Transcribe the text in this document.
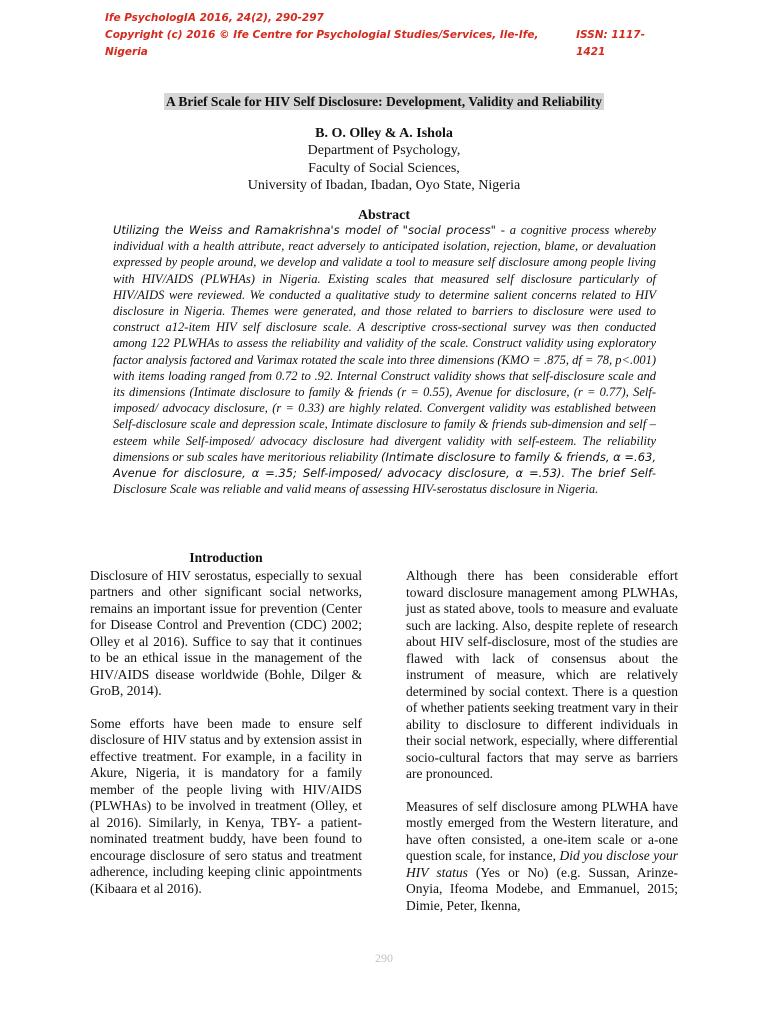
Ife PsychologIA 2016, 24(2), 290-297
Copyright (c) 2016 © Ife Centre for Psychologial Studies/Services, Ile-Ife, Nigeria
ISSN: 1117-1421
A Brief Scale for HIV Self Disclosure: Development, Validity and Reliability
B. O. Olley & A. Ishola
Department of Psychology,
Faculty of Social Sciences,
University of Ibadan, Ibadan, Oyo State, Nigeria
Abstract
Utilizing the Weiss and Ramakrishna's model of "social process" - a cognitive process whereby individual with a health attribute, react adversely to anticipated isolation, rejection, blame, or devaluation expressed by people around, we develop and validate a tool to measure self disclosure among people living with HIV/AIDS (PLWHAs) in Nigeria. Existing scales that measured self disclosure particularly of HIV/AIDS were reviewed. We conducted a qualitative study to determine salient concerns related to HIV disclosure in Nigeria. Themes were generated, and those related to barriers to disclosure were used to construct a12-item HIV self disclosure scale. A descriptive cross-sectional survey was then conducted among 122 PLWHAs to assess the reliability and validity of the scale. Construct validity using exploratory factor analysis factored and Varimax rotated the scale into three dimensions (KMO = .875, df = 78, p<.001) with items loading ranged from 0.72 to .92. Internal Construct validity shows that self-disclosure scale and its dimensions (Intimate disclosure to family & friends (r = 0.55), Avenue for disclosure, (r = 0.77), Self-imposed/ advocacy disclosure, (r = 0.33) are highly related. Convergent validity was established between Self-disclosure scale and depression scale, Intimate disclosure to family & friends sub-dimension and self –esteem while Self-imposed/ advocacy disclosure had divergent validity with self-esteem. The reliability dimensions or sub scales have meritorious reliability (Intimate disclosure to family & friends, α =.63, Avenue for disclosure, α =.35; Self-imposed/ advocacy disclosure, α =.53). The brief Self- Disclosure Scale was reliable and valid means of assessing HIV-serostatus disclosure in Nigeria.
Introduction

Disclosure of HIV serostatus, especially to sexual partners and other significant social networks, remains an important issue for prevention (Center for Disease Control and Prevention (CDC) 2002; Olley et al 2016). Suffice to say that it continues to be an ethical issue in the management of the HIV/AIDS disease worldwide (Bohle, Dilger & GroB, 2014).

Some efforts have been made to ensure self disclosure of HIV status and by extension assist in effective treatment. For example, in a facility in Akure, Nigeria, it is mandatory for a family member of the people living with HIV/AIDS (PLWHAs) to be involved in treatment (Olley, et al 2016). Similarly, in Kenya, TBY- a patient-nominated treatment buddy, have been found to encourage disclosure of sero status and treatment adherence, including keeping clinic appointments (Kibaara et al 2016).

Although there has been considerable effort toward disclosure management among PLWHAs, just as stated above, tools to measure and evaluate such are lacking. Also, despite replete of research about HIV self-disclosure, most of the studies are flawed with lack of consensus about the instrument of measure, which are relatively determined by social context. There is a question of whether patients seeking treatment vary in their ability to disclosure to different individuals in their social network, especially, where differential socio-cultural factors that may serve as barriers are pronounced.

Measures of self disclosure among PLWHA have mostly emerged from the Western literature, and have often consisted, a one-item scale or a-one question scale, for instance, Did you disclose your HIV status (Yes or No) (e.g. Sussan, Arinze-Onyia, Ifeoma Modebe, and Emmanuel, 2015; Dimie, Peter, Ikenna,

290
